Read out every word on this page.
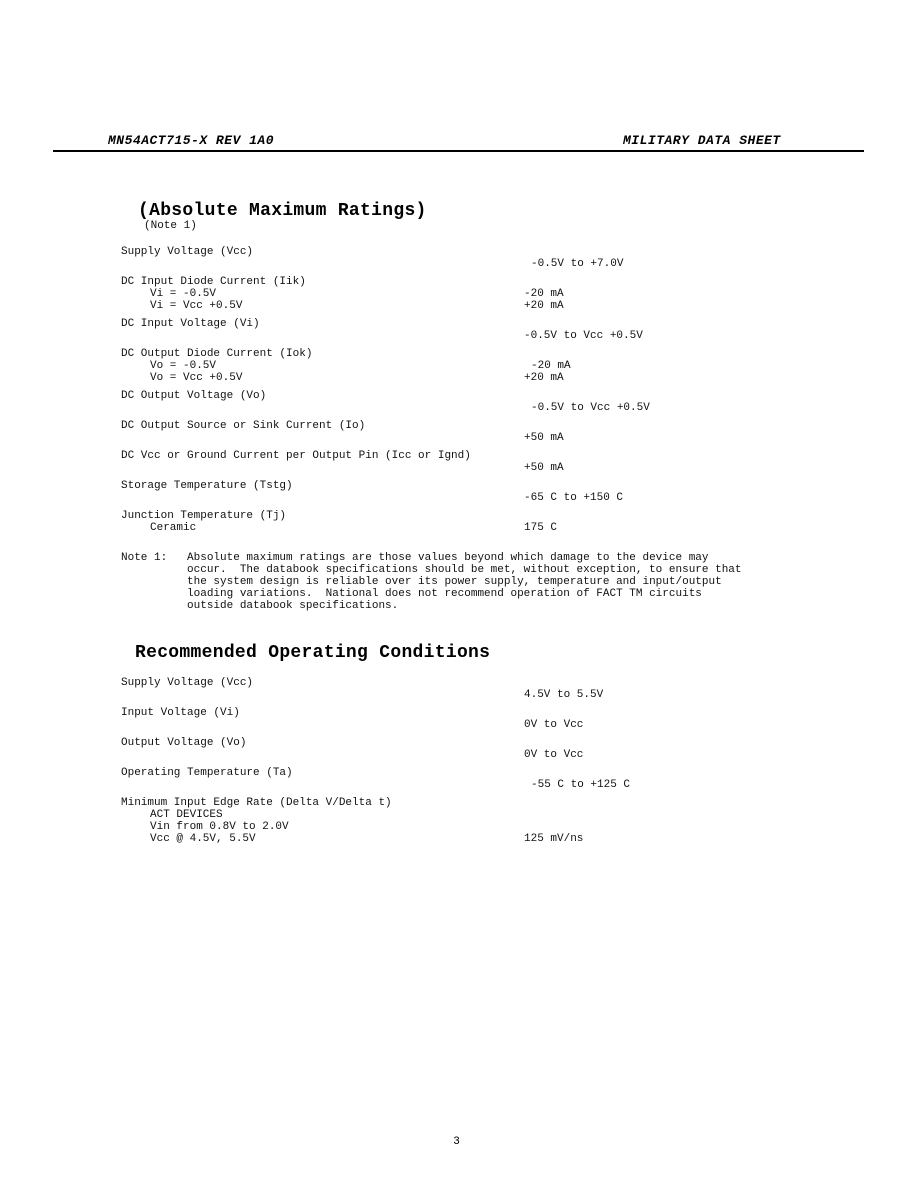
MN54ACT715-X REV 1A0	MILITARY DATA SHEET
(Absolute Maximum Ratings)
(Note 1)
Supply Voltage (Vcc)
-0.5V to +7.0V
DC Input Diode Current (Iik)
Vi = -0.5V	-20 mA
Vi = Vcc +0.5V	+20 mA
DC Input Voltage (Vi)
-0.5V to Vcc +0.5V
DC Output Diode Current (Iok)
Vo = -0.5V	-20 mA
Vo = Vcc +0.5V	+20 mA
DC Output Voltage (Vo)
-0.5V to Vcc +0.5V
DC Output Source or Sink Current (Io)
+50 mA
DC Vcc or Ground Current per Output Pin (Icc or Ignd)
+50 mA
Storage Temperature (Tstg)
-65 C to +150 C
Junction Temperature (Tj)
Ceramic	175 C
Note 1:   Absolute maximum ratings are those values beyond which damage to the device may
occur.  The databook specifications should be met, without exception, to ensure that
the system design is reliable over its power supply, temperature and input/output
loading variations.  National does not recommend operation of FACT TM circuits
outside databook specifications.
Recommended Operating Conditions
Supply Voltage (Vcc)
4.5V to 5.5V
Input Voltage (Vi)
0V to Vcc
Output Voltage (Vo)
0V to Vcc
Operating Temperature (Ta)
-55 C to +125 C
Minimum Input Edge Rate (Delta V/Delta t)
ACT DEVICES
Vin from 0.8V to 2.0V
Vcc @ 4.5V, 5.5V	125 mV/ns
3
